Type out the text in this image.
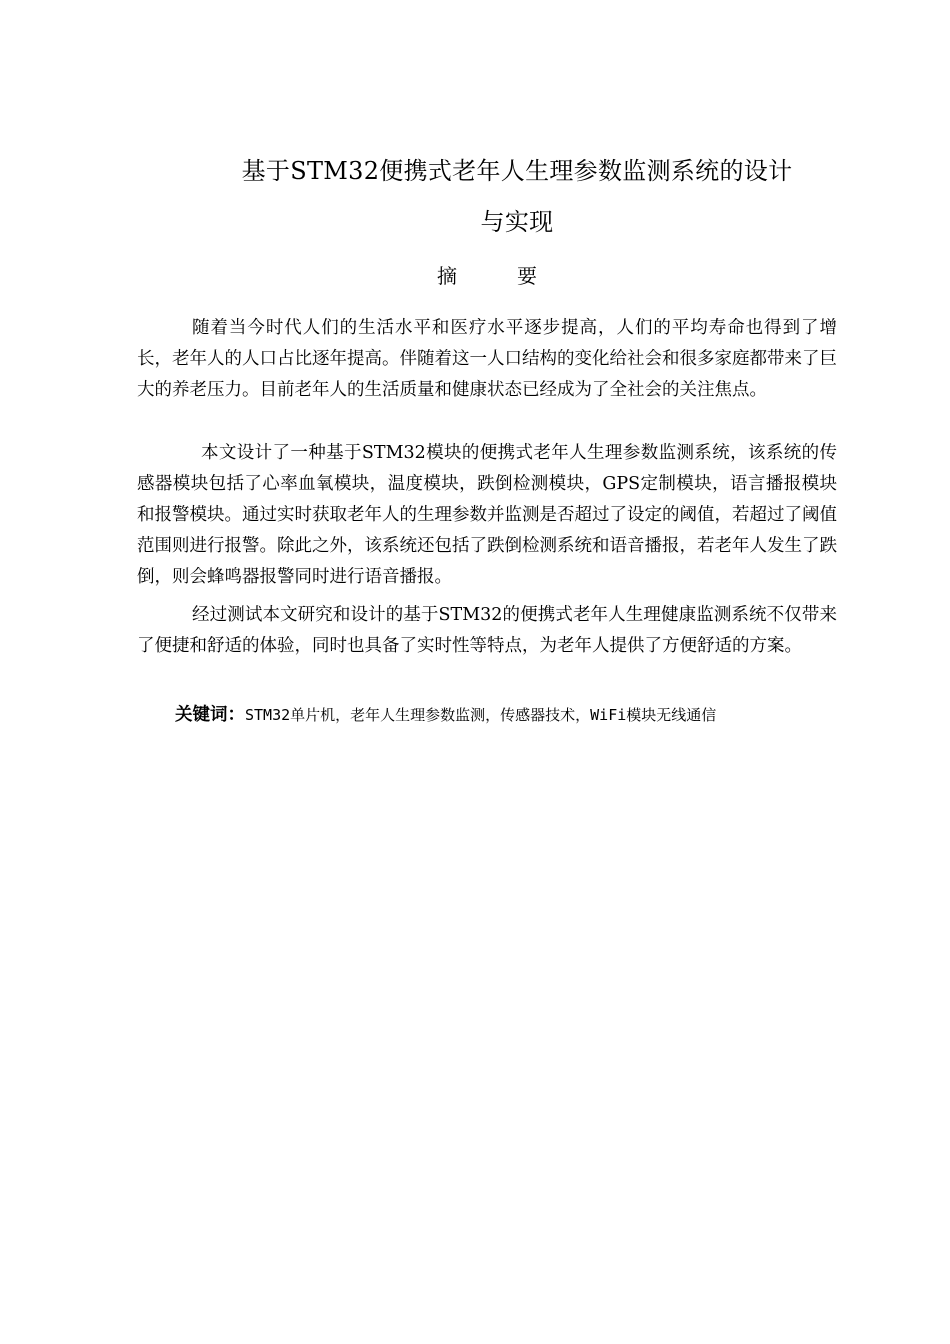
基于STM32便携式老年人生理参数监测系统的设计
与实现
摘　要
随着当今时代人们的生活水平和医疗水平逐步提高，人们的平均寿命也得到了增长，老年人的人口占比逐年提高。伴随着这一人口结构的变化给社会和很多家庭都带来了巨大的养老压力。目前老年人的生活质量和健康状态已经成为了全社会的关注焦点。
本文设计了一种基于STM32模块的便携式老年人生理参数监测系统，该系统的传感器模块包括了心率血氧模块，温度模块，跌倒检测模块，GPS定制模块，语言播报模块和报警模块。通过实时获取老年人的生理参数并监测是否超过了设定的阈值，若超过了阈值范围则进行报警。除此之外，该系统还包括了跌倒检测系统和语音播报，若老年人发生了跌倒，则会蜂鸣器报警同时进行语音播报。
经过测试本文研究和设计的基于STM32的便携式老年人生理健康监测系统不仅带来了便捷和舒适的体验，同时也具备了实时性等特点，为老年人提供了方便舒适的方案。
关键词：STM32单片机，老年人生理参数监测，传感器技术，WiFi模块无线通信
